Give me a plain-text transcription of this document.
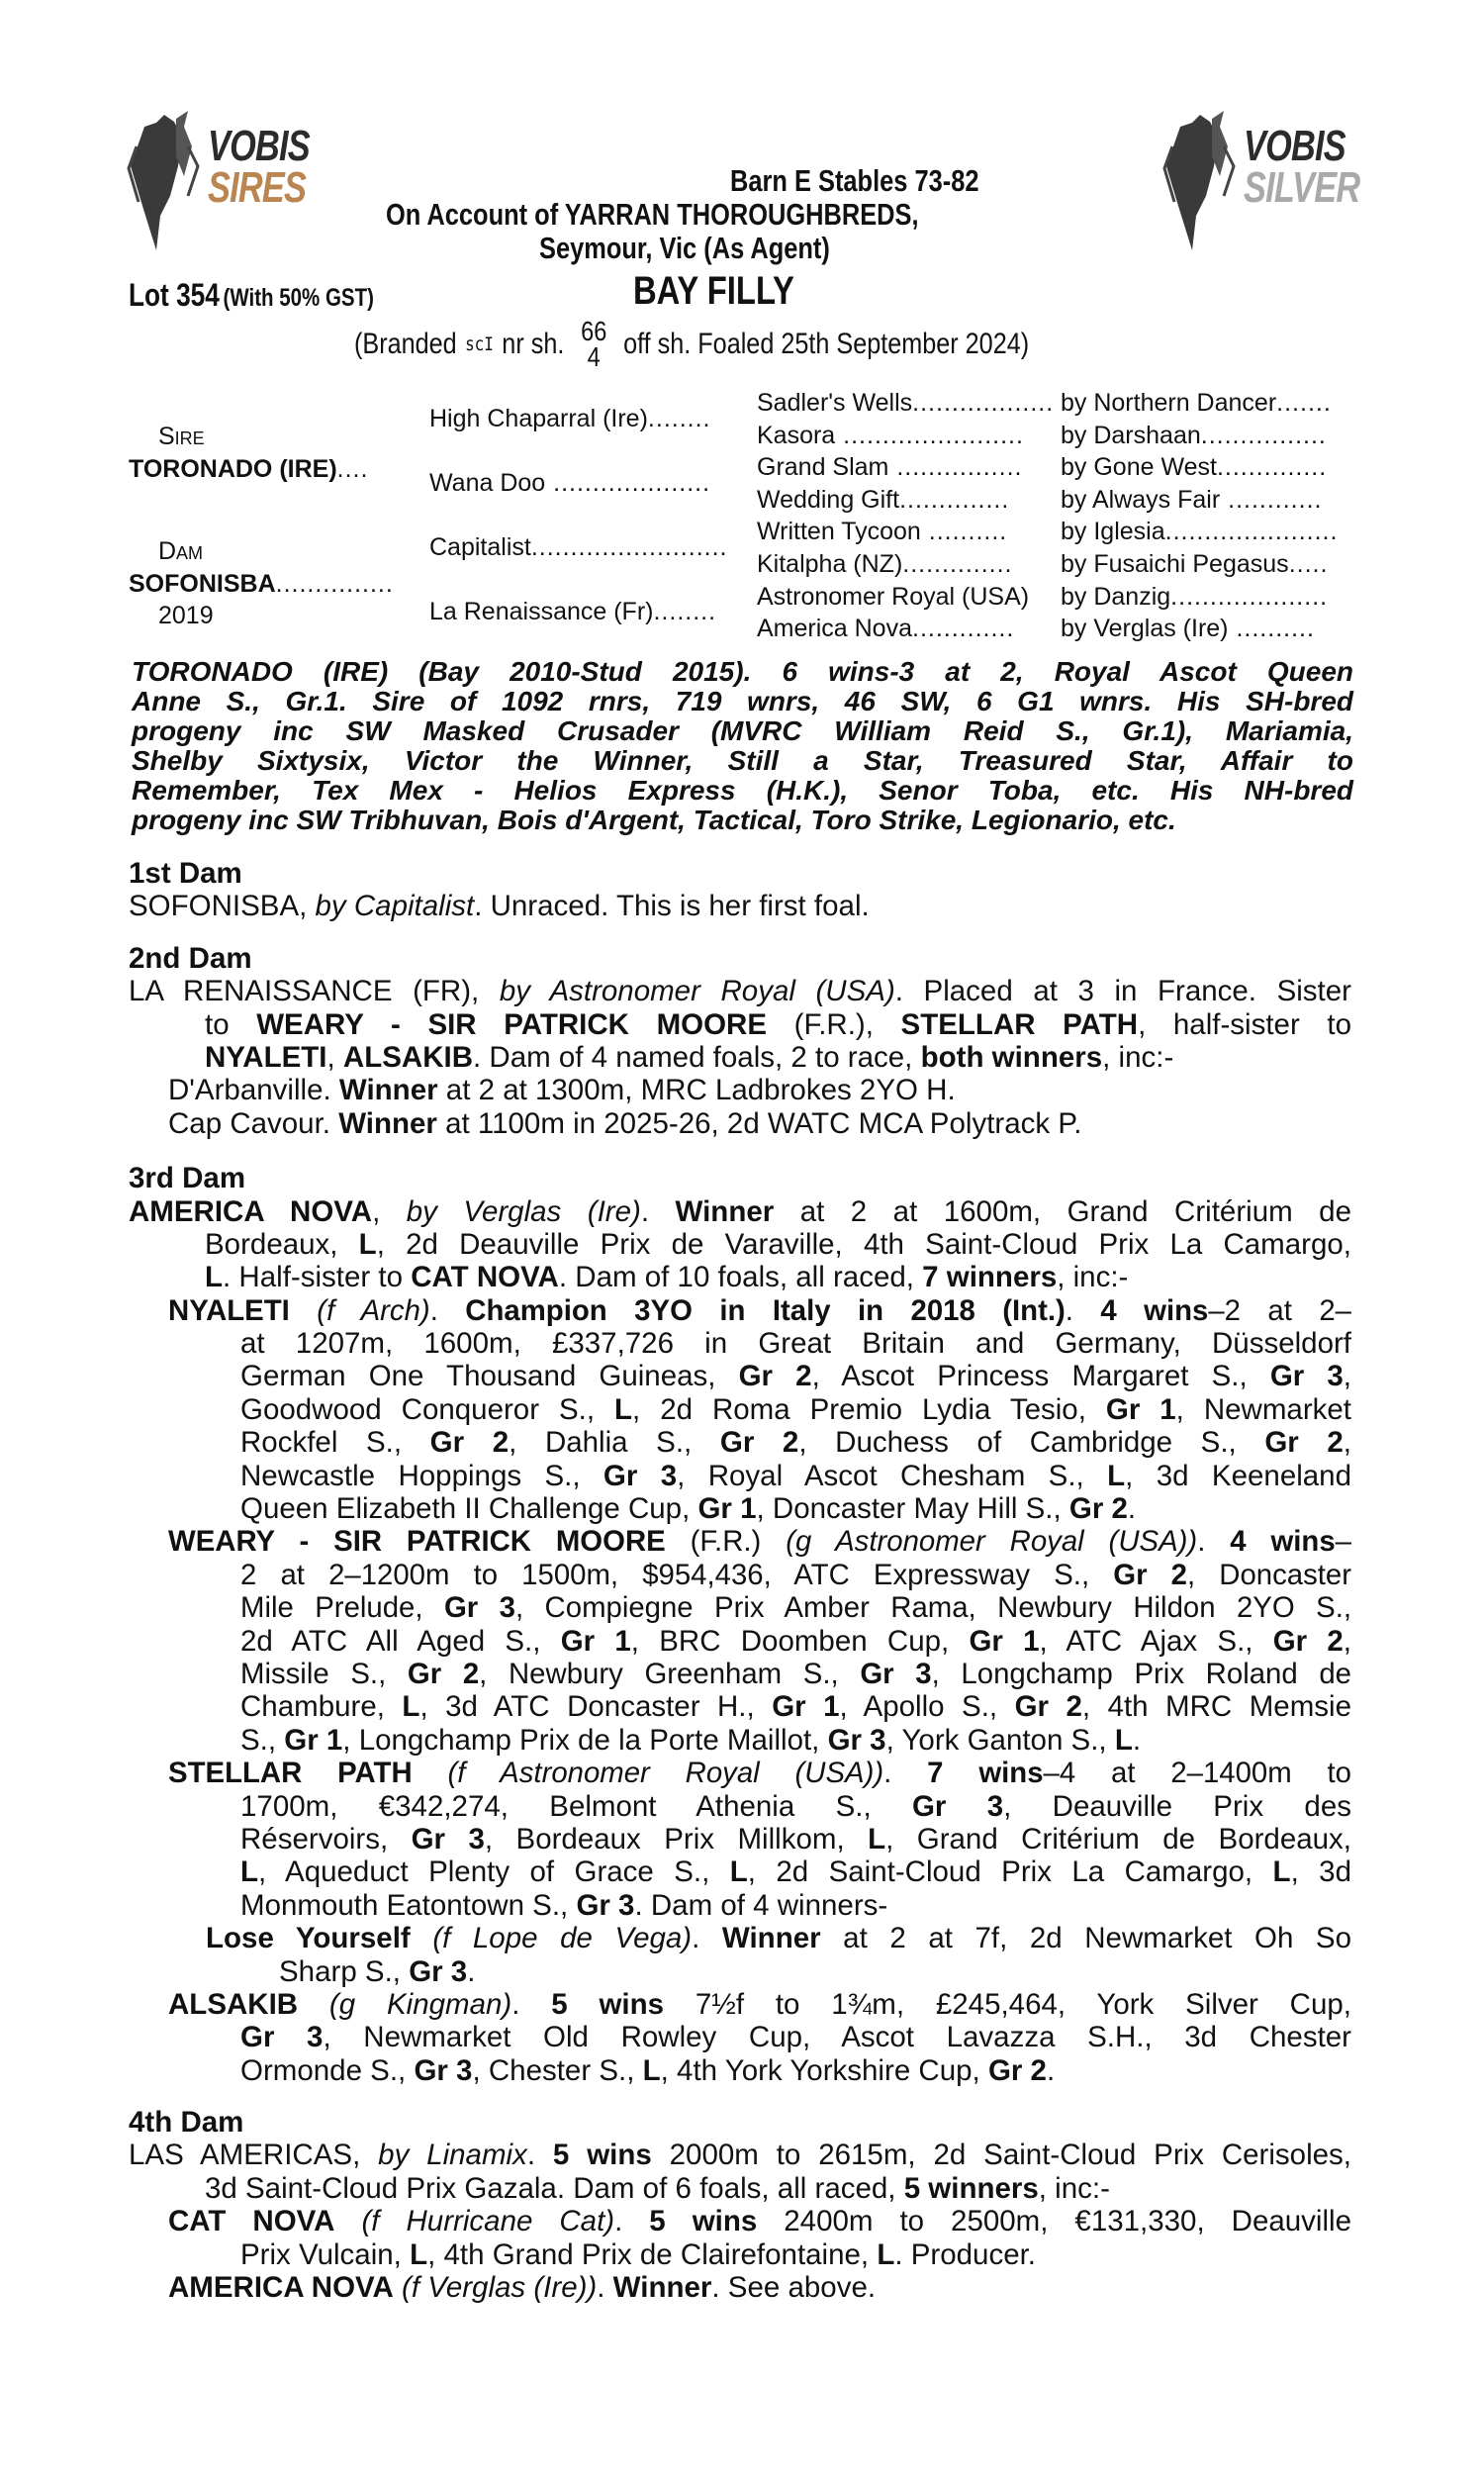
VOBIS
SIRES
VOBIS
SILVER
Barn E Stables 73-82
On Account of YARRAN THOROUGHBREDS,
Seymour, Vic (As Agent)
Lot 354 (With 50% GST)	BAY FILLY
(Branded scI nr sh. 66
4 off sh. Foaled 25th September 2024)
Sire
TORONADO (IRE)....
Dam
SOFONISBA...............
2019
High Chaparral (Ire)........
Wana Doo ....................
Capitalist.........................
La Renaissance (Fr)........
Sadler's Wells.................. by Northern Dancer.......
Kasora ....................... by Darshaan................
Grand Slam ................ by Gone West..............
Wedding Gift.............. by Always Fair ............
Written Tycoon .......... by Iglesia......................
Kitalpha (NZ).............. by Fusaichi Pegasus.....
Astronomer Royal (USA) by Danzig....................
America Nova............. by Verglas (Ire) ..........
TORONADO (IRE) (Bay 2010-Stud 2015). 6 wins-3 at 2, Royal Ascot Queen
Anne S., Gr.1. Sire of 1092 rnrs, 719 wnrs, 46 SW, 6 G1 wnrs. His SH-bred
progeny inc SW Masked Crusader (MVRC William Reid S., Gr.1), Mariamia,
Shelby Sixtysix, Victor the Winner, Still a Star, Treasured Star, Affair to
Remember, Tex Mex - Helios Express (H.K.), Senor Toba, etc. His NH-bred
progeny inc SW Tribhuvan, Bois d'Argent, Tactical, Toro Strike, Legionario, etc.
1st Dam
SOFONISBA, by Capitalist. Unraced. This is her first foal.
2nd Dam
LA RENAISSANCE (FR), by Astronomer Royal (USA). Placed at 3 in France. Sister
to WEARY - SIR PATRICK MOORE (F.R.), STELLAR PATH, half-sister to
NYALETI, ALSAKIB. Dam of 4 named foals, 2 to race, both winners, inc:-
D'Arbanville. Winner at 2 at 1300m, MRC Ladbrokes 2YO H.
Cap Cavour. Winner at 1100m in 2025-26, 2d WATC MCA Polytrack P.
3rd Dam
AMERICA NOVA, by Verglas (Ire). Winner at 2 at 1600m, Grand Critérium de
Bordeaux, L, 2d Deauville Prix de Varaville, 4th Saint-Cloud Prix La Camargo,
L. Half-sister to CAT NOVA. Dam of 10 foals, all raced, 7 winners, inc:-
NYALETI (f Arch). Champion 3YO in Italy in 2018 (Int.). 4 wins–2 at 2–
at 1207m, 1600m, £337,726 in Great Britain and Germany, Düsseldorf
German One Thousand Guineas, Gr 2, Ascot Princess Margaret S., Gr 3,
Goodwood Conqueror S., L, 2d Roma Premio Lydia Tesio, Gr 1, Newmarket
Rockfel S., Gr 2, Dahlia S., Gr 2, Duchess of Cambridge S., Gr 2,
Newcastle Hoppings S., Gr 3, Royal Ascot Chesham S., L, 3d Keeneland
Queen Elizabeth II Challenge Cup, Gr 1, Doncaster May Hill S., Gr 2.
WEARY - SIR PATRICK MOORE (F.R.) (g Astronomer Royal (USA)). 4 wins–
2 at 2–1200m to 1500m, $954,436, ATC Expressway S., Gr 2, Doncaster
Mile Prelude, Gr 3, Compiegne Prix Amber Rama, Newbury Hildon 2YO S.,
2d ATC All Aged S., Gr 1, BRC Doomben Cup, Gr 1, ATC Ajax S., Gr 2,
Missile S., Gr 2, Newbury Greenham S., Gr 3, Longchamp Prix Roland de
Chambure, L, 3d ATC Doncaster H., Gr 1, Apollo S., Gr 2, 4th MRC Memsie
S., Gr 1, Longchamp Prix de la Porte Maillot, Gr 3, York Ganton S., L.
STELLAR PATH (f Astronomer Royal (USA)). 7 wins–4 at 2–1400m to
1700m, €342,274, Belmont Athenia S., Gr 3, Deauville Prix des
Réservoirs, Gr 3, Bordeaux Prix Millkom, L, Grand Critérium de Bordeaux,
L, Aqueduct Plenty of Grace S., L, 2d Saint-Cloud Prix La Camargo, L, 3d
Monmouth Eatontown S., Gr 3. Dam of 4 winners-
Lose Yourself (f Lope de Vega). Winner at 2 at 7f, 2d Newmarket Oh So
Sharp S., Gr 3.
ALSAKIB (g Kingman). 5 wins 7½f to 1¾m, £245,464, York Silver Cup,
Gr 3, Newmarket Old Rowley Cup, Ascot Lavazza S.H., 3d Chester
Ormonde S., Gr 3, Chester S., L, 4th York Yorkshire Cup, Gr 2.
4th Dam
LAS AMERICAS, by Linamix. 5 wins 2000m to 2615m, 2d Saint-Cloud Prix Cerisoles,
3d Saint-Cloud Prix Gazala. Dam of 6 foals, all raced, 5 winners, inc:-
CAT NOVA (f Hurricane Cat). 5 wins 2400m to 2500m, €131,330, Deauville
Prix Vulcain, L, 4th Grand Prix de Clairefontaine, L. Producer.
AMERICA NOVA (f Verglas (Ire)). Winner. See above.
